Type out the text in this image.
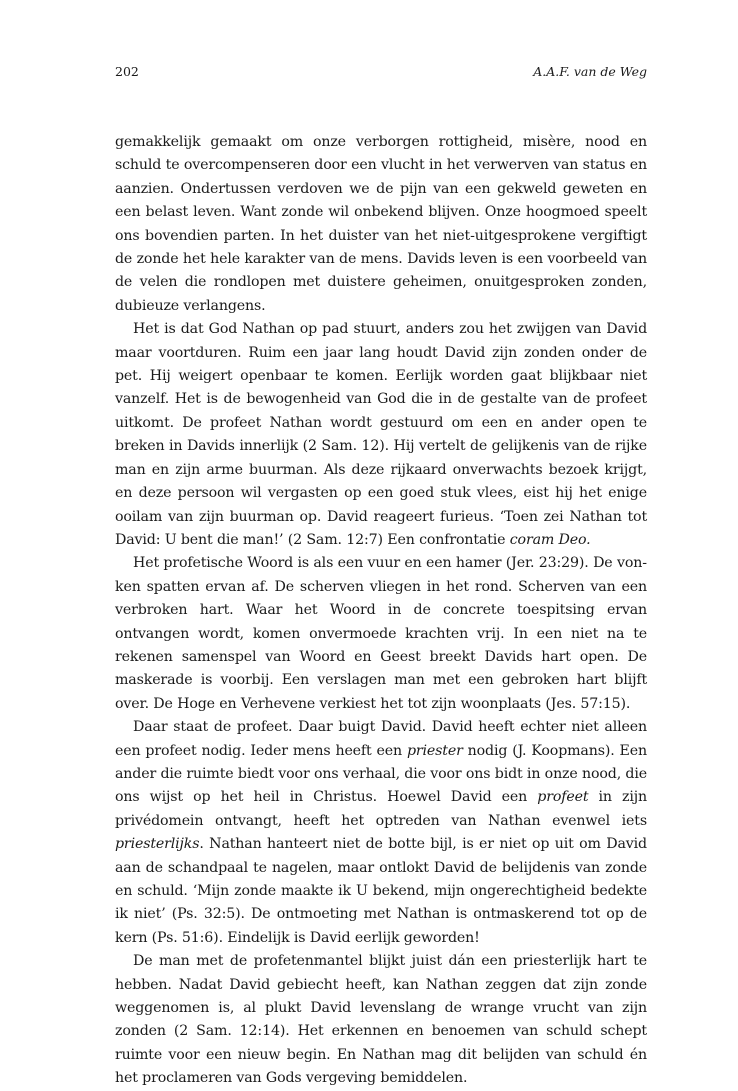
202	A.A.F. van de Weg

gemakkelijk gemaakt om onze verborgen rottigheid, misère, nood en schuld te overcompenseren door een vlucht in het verwerven van status en aanzien. Ondertussen verdoven we de pijn van een gekweld geweten en een belast leven. Want zonde wil onbekend blijven. Onze hoogmoed speelt ons bovendien parten. In het duister van het niet-uitgesprokene vergiftigt de zonde het hele karakter van de mens. Davids leven is een voorbeeld van de velen die rondlopen met duistere geheimen, onuitgesproken zonden, dubieuze verlangens.

Het is dat God Nathan op pad stuurt, anders zou het zwijgen van David maar voortduren. Ruim een jaar lang houdt David zijn zonden onder de pet. Hij weigert openbaar te komen. Eerlijk worden gaat blijkbaar niet vanzelf. Het is de bewogenheid van God die in de gestalte van de profeet uitkomt. De profeet Nathan wordt gestuurd om een en ander open te breken in Davids innerlijk (2 Sam. 12). Hij vertelt de gelijkenis van de rijke man en zijn arme buurman. Als deze rijkaard onverwachts bezoek krijgt, en deze persoon wil vergasten op een goed stuk vlees, eist hij het enige ooilam van zijn buurman op. David reageert furieus. ‘Toen zei Nathan tot David: U bent die man!’ (2 Sam. 12:7) Een confrontatie coram Deo.

Het profetische Woord is als een vuur en een hamer (Jer. 23:29). De vonken spatten ervan af. De scherven vliegen in het rond. Scherven van een verbroken hart. Waar het Woord in de concrete toespitsing ervan ontvangen wordt, komen onvermoede krachten vrij. In een niet na te rekenen samenspel van Woord en Geest breekt Davids hart open. De maskerade is voorbij. Een verslagen man met een gebroken hart blijft over. De Hoge en Verhevene verkiest het tot zijn woonplaats (Jes. 57:15).

Daar staat de profeet. Daar buigt David. David heeft echter niet alleen een profeet nodig. Ieder mens heeft een priester nodig (J. Koopmans). Een ander die ruimte biedt voor ons verhaal, die voor ons bidt in onze nood, die ons wijst op het heil in Christus. Hoewel David een profeet in zijn privédomein ontvangt, heeft het optreden van Nathan evenwel iets priesterlijks. Nathan hanteert niet de botte bijl, is er niet op uit om David aan de schandpaal te nagelen, maar ontlokt David de belijdenis van zonde en schuld. ‘Mijn zonde maakte ik U bekend, mijn ongerechtigheid bedekte ik niet’ (Ps. 32:5). De ontmoeting met Nathan is ontmaskerend tot op de kern (Ps. 51:6). Eindelijk is David eerlijk geworden!

De man met de profetenmantel blijkt juist dán een priesterlijk hart te hebben. Nadat David gebiecht heeft, kan Nathan zeggen dat zijn zonde weggenomen is, al plukt David levenslang de wrange vrucht van zijn zonden (2 Sam. 12:14). Het erkennen en benoemen van schuld schept ruimte voor een nieuw begin. En Nathan mag dit belijden van schuld én het proclameren van Gods vergeving bemiddelen.
